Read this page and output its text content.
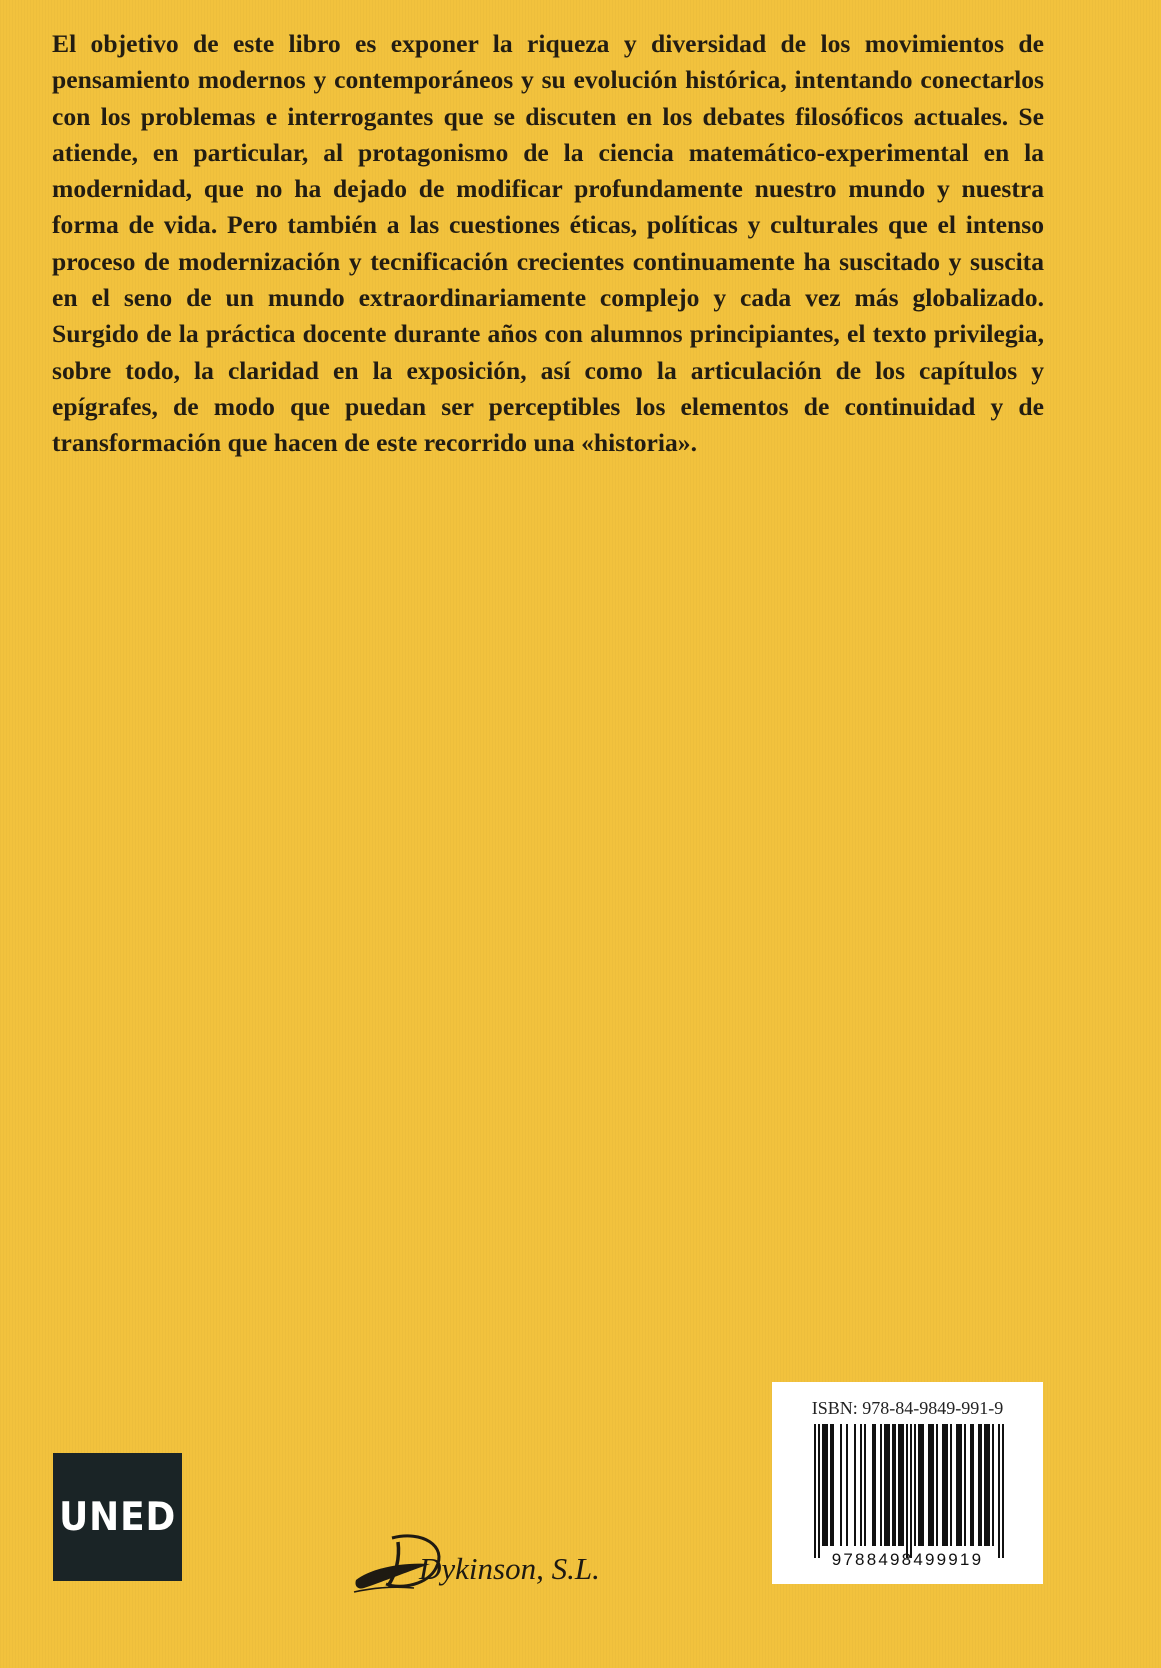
El objetivo de este libro es exponer la riqueza y diversidad de los movimientos de pensamiento modernos y contemporáneos y su evolución histórica, intentando conectarlos con los problemas e interrogantes que se discuten en los debates filosóficos actuales. Se atiende, en particular, al protagonismo de la ciencia matemático-experimental en la modernidad, que no ha dejado de modificar profundamente nuestro mundo y nuestra forma de vida. Pero también a las cuestiones éticas, políticas y culturales que el intenso proceso de modernización y tecnificación crecientes continuamente ha suscitado y suscita en el seno de un mundo extraordinariamente complejo y cada vez más globalizado. Surgido de la práctica docente durante años con alumnos principiantes, el texto privilegia, sobre todo, la claridad en la exposición, así como la articulación de los capítulos y epígrafes, de modo que puedan ser perceptibles los elementos de continuidad y de transformación que hacen de este recorrido una «historia».

UNED
Dykinson, S.L.
ISBN: 978-84-9849-991-9
9788498499919
